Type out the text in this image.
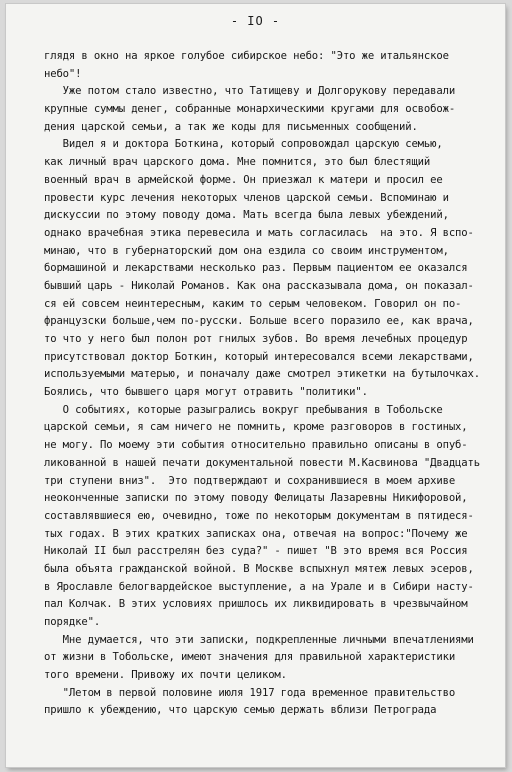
- IO -
глядя в окно на яркое голубое сибирское небо: "Это же итальянское
небо"!
Уже потом стало известно, что Татищеву и Долгорукову передавали
крупные суммы денег, собранные монархическими кругами для освобож-
дения царской семьи, а так же коды для письменных сообщений.
Видел я и доктора Боткина, который сопровождал царскую семью,
как личный врач царского дома. Мне помнится, это был блестящий
военный врач в армейской форме. Он приезжал к матери и просил ее
провести курс лечения некоторых членов царской семьи. Вспоминаю и
дискуссии по этому поводу дома. Мать всегда была левых убеждений,
однако врачебная этика перевесила и мать согласилась  на это. Я вспо-
минаю, что в губернаторский дом она ездила со своим инструментом,
бормашиной и лекарствами несколько раз. Первым пациентом ее оказался
бывший царь - Николай Романов. Как она рассказывала дома, он показал-
ся ей совсем неинтересным, каким то серым человеком. Говорил он по-
французски больше,чем по-русски. Больше всего поразило ее, как врача,
то что у него был полон рот гнилых зубов. Во время лечебных процедур
присутствовал доктор Боткин, который интересовался всеми лекарствами,
используемыми матерью, и поначалу даже смотрел этикетки на бутылочках.
Боялись, что бывшего царя могут отравить "политики".
О событиях, которые разыгрались вокруг пребывания в Тобольске
царской семьи, я сам ничего не помнить, кроме разговоров в гостиных,
не могу. По моему эти события относительно правильно описаны в опуб-
ликованной в нашей печати документальной повести М.Касвинова "Двадцать
три ступени вниз".  Это подтверждают и сохранившиеся в моем архиве
неоконченные записки по этому поводу Фелицаты Лазаревны Никифоровой,
составлявшиеся ею, очевидно, тоже по некоторым документам в пятидеся-
тых годах. В этих кратких записках она, отвечая на вопрос:"Почему же
Николай II был расстрелян без суда?" - пишет "В это время вся Россия
была объята гражданской войной. В Москве вспыхнул мятеж левых эсеров,
в Ярославле белогвардейское выступление, а на Урале и в Сибири насту-
пал Колчак. В этих условиях пришлось их ликвидировать в чрезвычайном
порядке".
Мне думается, что эти записки, подкрепленные личными впечатлениями
от жизни в Тобольске, имеют значения для правильной характеристики
того времени. Привожу их почти целиком.
"Летом в первой половине июля 1917 года временное правительство
пришло к убеждению, что царскую семью держать вблизи Петрограда
